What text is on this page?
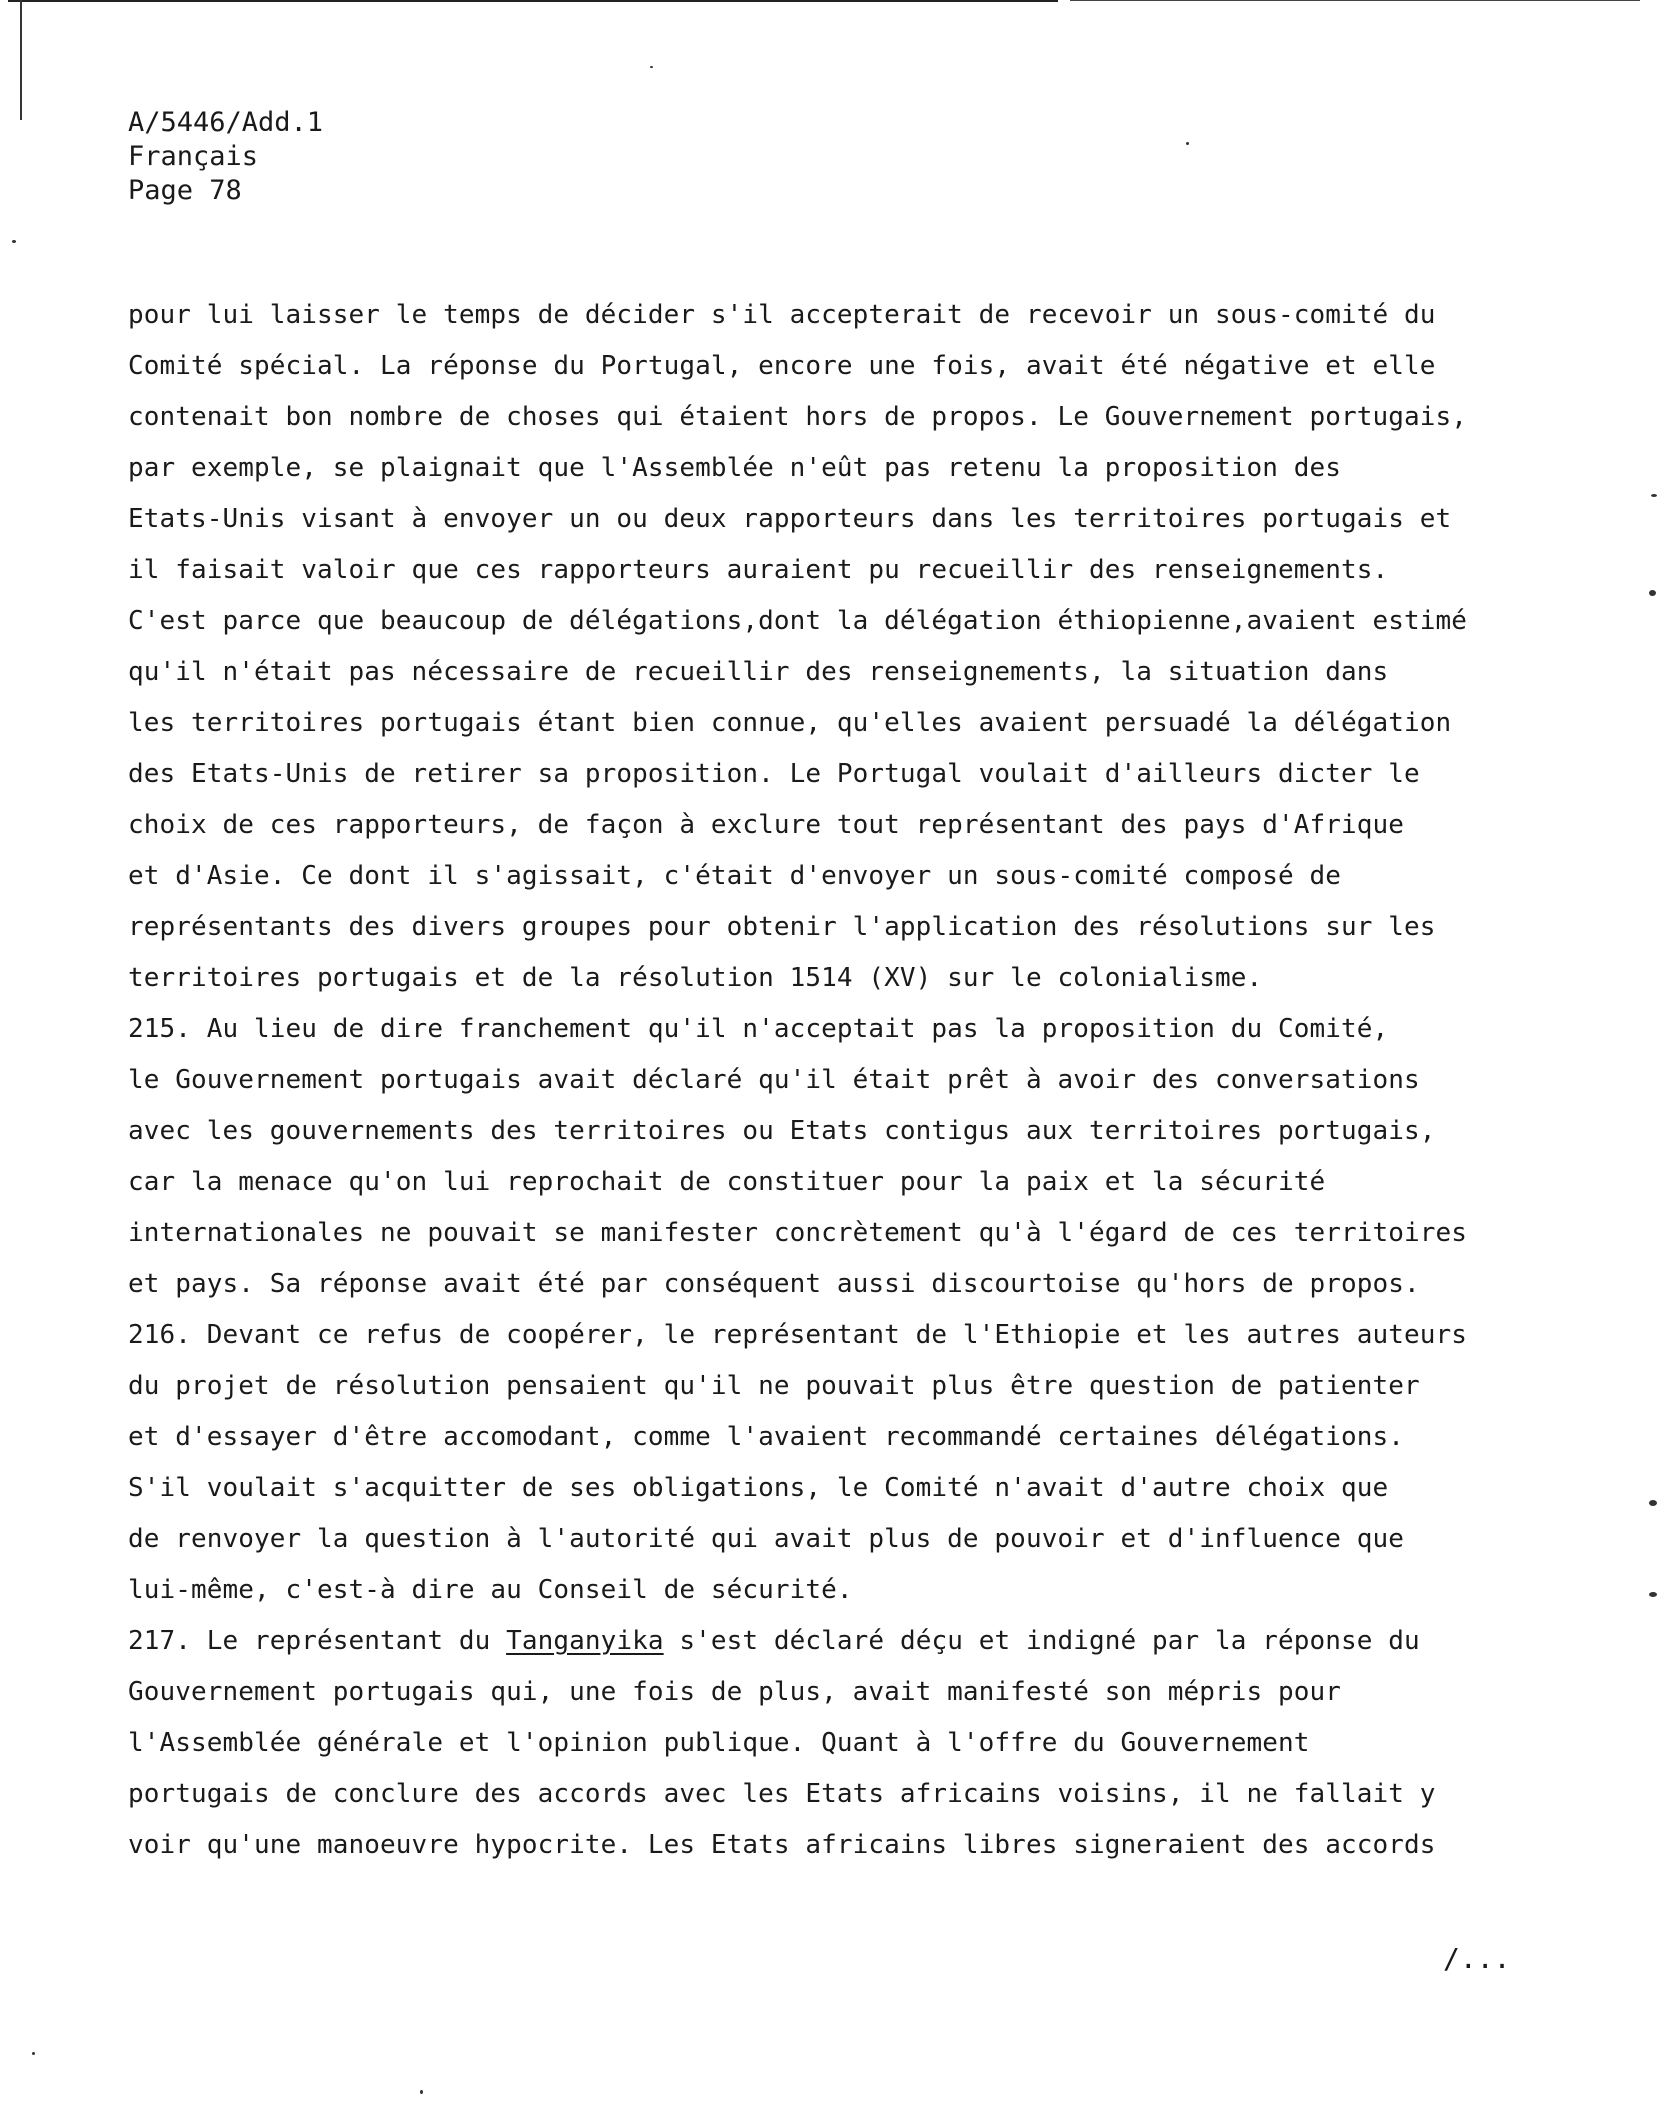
A/5446/Add.1
Français
Page 78
pour lui laisser le temps de décider s'il accepterait de recevoir un sous-comité du
Comité spécial. La réponse du Portugal, encore une fois, avait été négative et elle
contenait bon nombre de choses qui étaient hors de propos. Le Gouvernement portugais,
par exemple, se plaignait que l'Assemblée n'eût pas retenu la proposition des
Etats-Unis visant à envoyer un ou deux rapporteurs dans les territoires portugais et
il faisait valoir que ces rapporteurs auraient pu recueillir des renseignements.
C'est parce que beaucoup de délégations,dont la délégation éthiopienne,avaient estimé
qu'il n'était pas nécessaire de recueillir des renseignements, la situation dans
les territoires portugais étant bien connue, qu'elles avaient persuadé la délégation
des Etats-Unis de retirer sa proposition. Le Portugal voulait d'ailleurs dicter le
choix de ces rapporteurs, de façon à exclure tout représentant des pays d'Afrique
et d'Asie. Ce dont il s'agissait, c'était d'envoyer un sous-comité composé de
représentants des divers groupes pour obtenir l'application des résolutions sur les
territoires portugais et de la résolution 1514 (XV) sur le colonialisme.
215. Au lieu de dire franchement qu'il n'acceptait pas la proposition du Comité,
le Gouvernement portugais avait déclaré qu'il était prêt à avoir des conversations
avec les gouvernements des territoires ou Etats contigus aux territoires portugais,
car la menace qu'on lui reprochait de constituer pour la paix et la sécurité
internationales ne pouvait se manifester concrètement qu'à l'égard de ces territoires
et pays. Sa réponse avait été par conséquent aussi discourtoise qu'hors de propos.
216. Devant ce refus de coopérer, le représentant de l'Ethiopie et les autres auteurs
du projet de résolution pensaient qu'il ne pouvait plus être question de patienter
et d'essayer d'être accomodant, comme l'avaient recommandé certaines délégations.
S'il voulait s'acquitter de ses obligations, le Comité n'avait d'autre choix que
de renvoyer la question à l'autorité qui avait plus de pouvoir et d'influence que
lui-même, c'est-à dire au Conseil de sécurité.
217. Le représentant du Tanganyika s'est déclaré déçu et indigné par la réponse du
Gouvernement portugais qui, une fois de plus, avait manifesté son mépris pour
l'Assemblée générale et l'opinion publique. Quant à l'offre du Gouvernement
portugais de conclure des accords avec les Etats africains voisins, il ne fallait y
voir qu'une manoeuvre hypocrite. Les Etats africains libres signeraient des accords
/...
